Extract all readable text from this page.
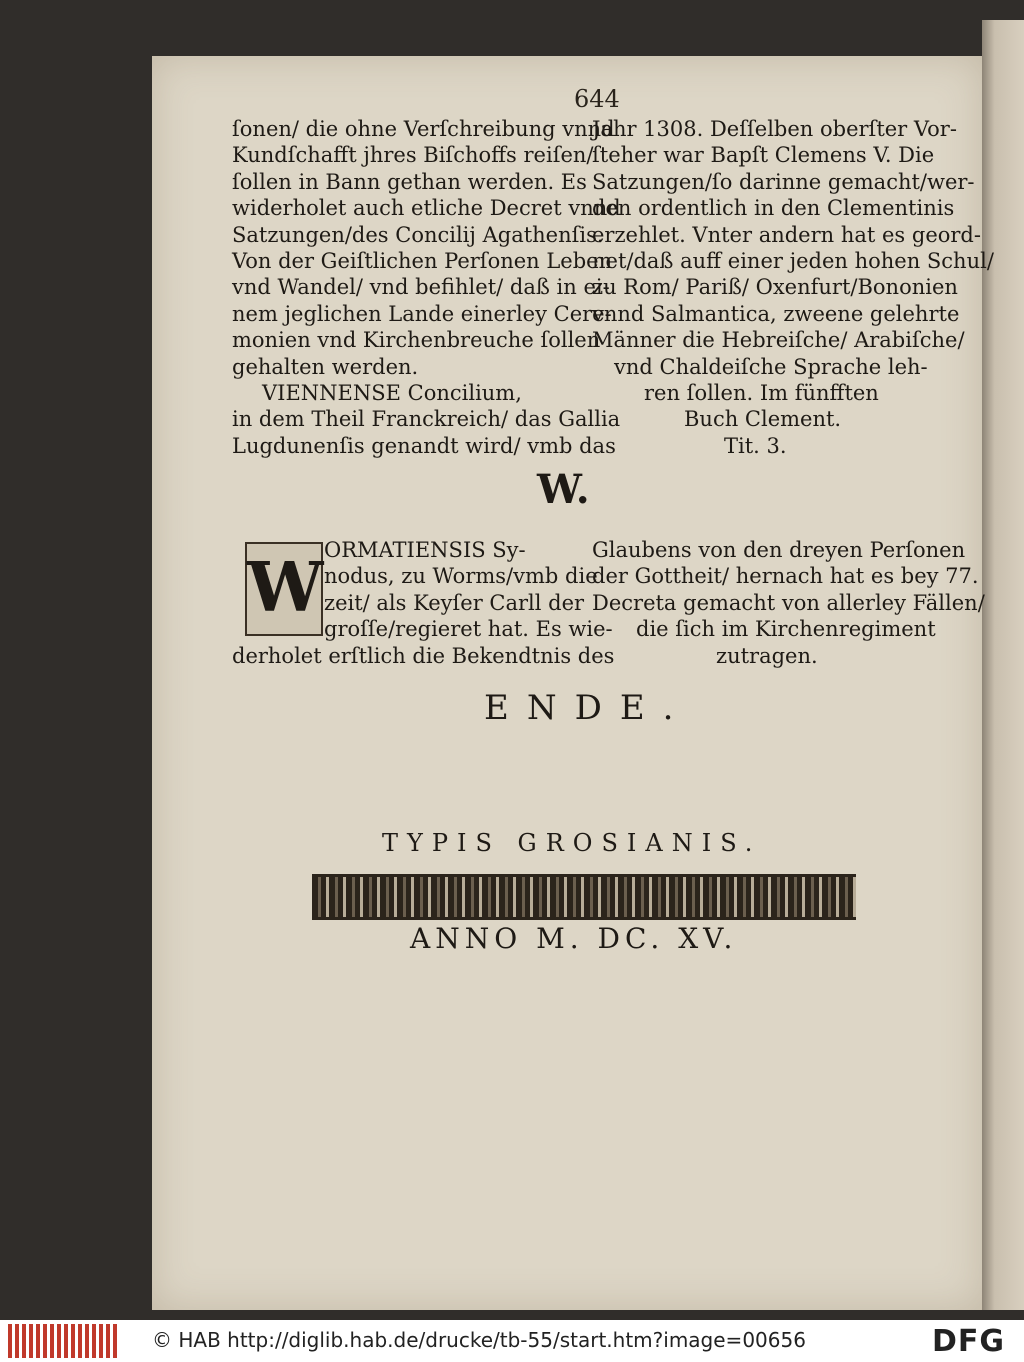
644
ſonen/ die ohne Verſchreibung vnnd
Kundſchafft jhres Biſchoffs reiſen/
ſollen in Bann gethan werden. Es
widerholet auch etliche Decret vnnd
Satzungen/des Concilij Agathenſis.
Von der Geiſtlichen Perſonen Leben
vnd Wandel/ vnd befihlet/ daß in ei-
nem jeglichen Lande einerley Cere-
monien vnd Kirchenbreuche ſollen
gehalten werden.
VIENNENSE Concilium,
in dem Theil Franckreich/ das Gallia
Lugdunenſis genandt wird/ vmb das
Jahr 1308. Deſſelben oberſter Vor-
ſteher war Bapſt Clemens V. Die
Satzungen/ſo darinne gemacht/wer-
den ordentlich in den Clementinis
erzehlet. Vnter andern hat es geord-
net/daß auff einer jeden hohen Schul/
zu Rom/ Pariß/ Oxenfurt/Bononien
vnnd Salmantica, zweene gelehrte
Männer die Hebreiſche/ Arabiſche/
vnd Chaldeiſche Sprache leh-
ren ſollen. Im fünfften
Buch Clement.
Tit. 3.
W.
W ORMATIENSIS Sy-
nodus, zu Worms/vmb die
zeit/ als Keyſer Carll der
groſſe/regieret hat. Es wie-
derholet erſtlich die Bekendtnis des
Glaubens von den dreyen Perſonen
der Gottheit/ hernach hat es bey 77.
Decreta gemacht von allerley Fällen/
die ſich im Kirchenregiment
zutragen.
ENDE.
TYPIS GROSIANIS.
ANNO M. DC. XV.
© HAB http://diglib.hab.de/drucke/tb-55/start.htm?image=00656	DFG
